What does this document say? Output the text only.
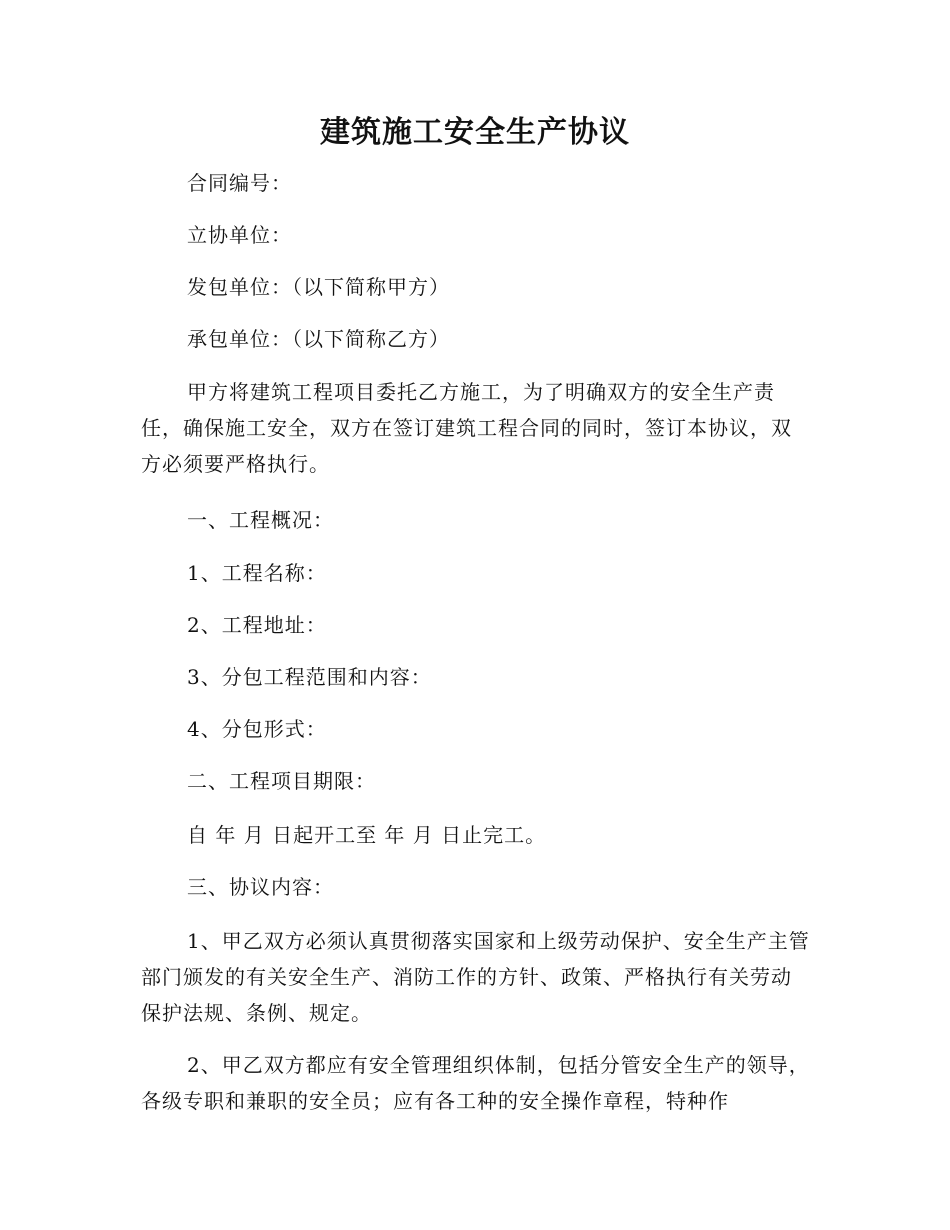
建筑施工安全生产协议

合同编号：

立协单位：

发包单位：（以下简称甲方）

承包单位：（以下简称乙方）

甲方将建筑工程项目委托乙方施工，为了明确双方的安全生产责任，确保施工安全，双方在签订建筑工程合同的同时，签订本协议，双方必须要严格执行。

一、工程概况：

1、工程名称：

2、工程地址：

3、分包工程范围和内容：

4、分包形式：

二、工程项目期限：

自 年 月 日起开工至 年 月 日止完工。

三、协议内容：

1、甲乙双方必须认真贯彻落实国家和上级劳动保护、安全生产主管部门颁发的有关安全生产、消防工作的方针、政策、严格执行有关劳动保护法规、条例、规定。

2、甲乙双方都应有安全管理组织体制，包括分管安全生产的领导，各级专职和兼职的安全员；应有各工种的安全操作章程，特种作
